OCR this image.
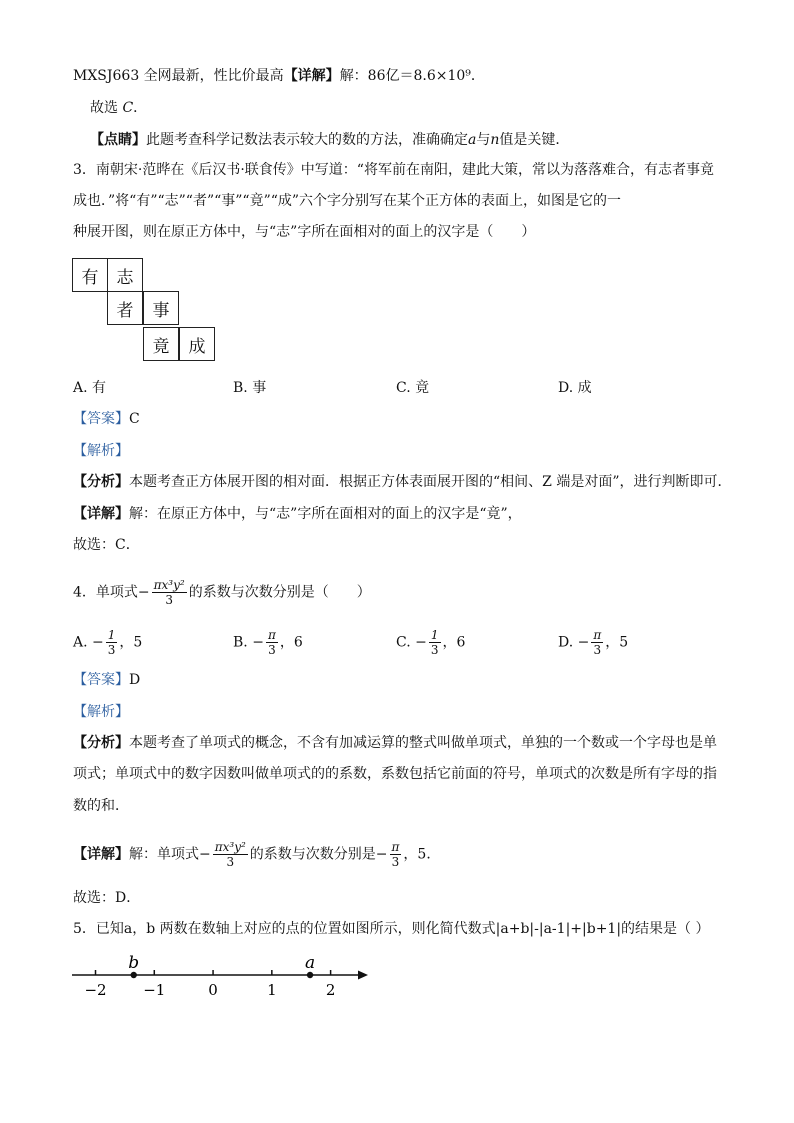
MXSJ663 全网最新，性比价最高【详解】解：86亿＝8.6×10⁹．
故选 C．
【点睛】此题考查科学记数法表示较大的数的方法，准确确定a与n值是关键．
3．南朝宋·范晔在《后汉书·联食传》中写道：“将军前在南阳，建此大策，常以为落落难合，有志者事竟
成也．”将“有”“志”“者”“事”“竟”“成”六个字分别写在某个正方体的表面上，如图是它的一
种展开图，则在原正方体中，与“志”字所在面相对的面上的汉字是（　　）
有	志
者	事
竟	成
A. 有	B. 事	C. 竟	D. 成
【答案】C
【解析】
【分析】本题考查正方体展开图的相对面．根据正方体表面展开图的“相间、Z 端是对面”，进行判断即可．
【详解】解：在原正方体中，与“志”字所在面相对的面上的汉字是“竟”，
故选：C．
4．单项式− $\frac{\text{πx³y²}}{3}$ 的系数与次数分别是（　　）
A. − $\frac{1}{3}$ ，5	B. − $\frac{\pi}{3}$ ，6	C. − $\frac{1}{3}$ ，6	D. − $\frac{\pi}{3}$ ，5
【答案】D
【解析】
【分析】本题考查了单项式的概念，不含有加减运算的整式叫做单项式，单独的一个数或一个字母也是单
项式；单项式中的数字因数叫做单项式的的系数，系数包括它前面的符号，单项式的次数是所有字母的指
数的和．
【详解】解：单项式− $\frac{\text{πx³y²}}{3}$ 的系数与次数分别是− $\frac{\pi}{3}$ ，5．
故选：D．
5．已知a，b 两数在数轴上对应的点的位置如图所示，则化简代数式|a+b|-|a-1|+|b+1|的结果是（ ）
−2 −1	0	1	2
b	a
